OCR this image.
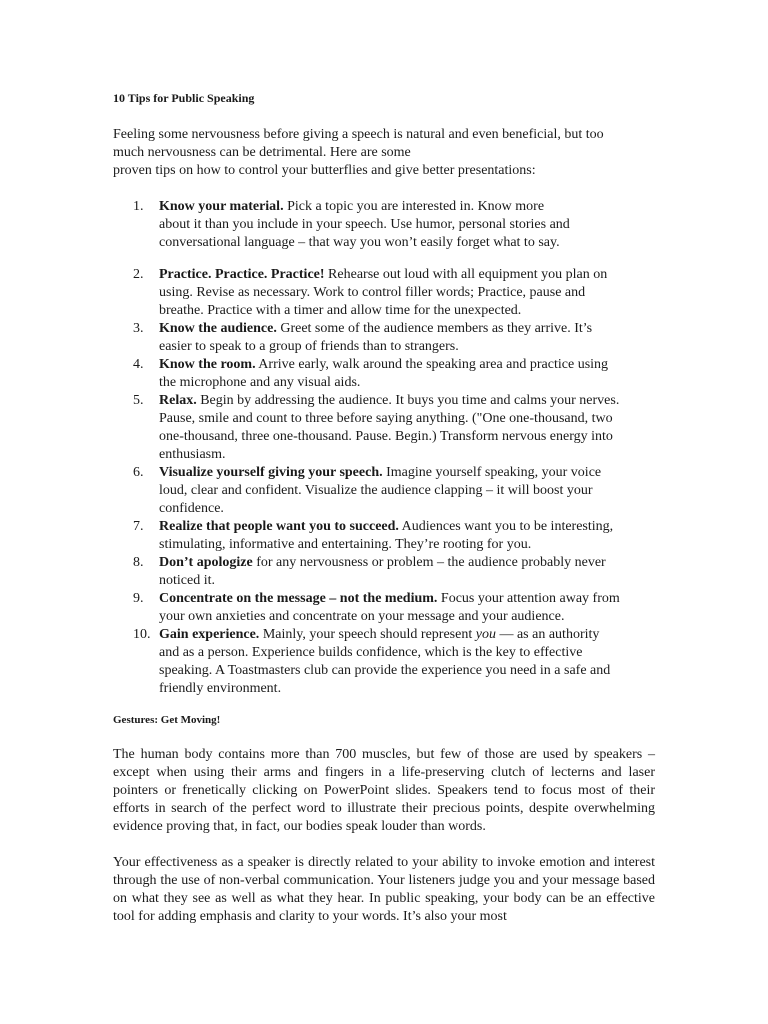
10 Tips for Public Speaking
Feeling some nervousness before giving a speech is natural and even beneficial, but too
much nervousness can be detrimental. Here are some
proven tips on how to control your butterflies and give better presentations:
1. Know your material. Pick a topic you are interested in. Know more
about it than you include in your speech. Use humor, personal stories and
conversational language – that way you won’t easily forget what to say.
2. Practice. Practice. Practice! Rehearse out loud with all equipment you plan on
using. Revise as necessary. Work to control filler words; Practice, pause and
breathe. Practice with a timer and allow time for the unexpected.
3. Know the audience. Greet some of the audience members as they arrive. It’s
easier to speak to a group of friends than to strangers.
4. Know the room. Arrive early, walk around the speaking area and practice using
the microphone and any visual aids.
5. Relax. Begin by addressing the audience. It buys you time and calms your nerves.
Pause, smile and count to three before saying anything. ("One one-thousand, two
one-thousand, three one-thousand. Pause. Begin.) Transform nervous energy into
enthusiasm.
6. Visualize yourself giving your speech. Imagine yourself speaking, your voice
loud, clear and confident. Visualize the audience clapping – it will boost your
confidence.
7. Realize that people want you to succeed. Audiences want you to be interesting,
stimulating, informative and entertaining. They’re rooting for you.
8. Don’t apologize for any nervousness or problem – the audience probably never
noticed it.
9. Concentrate on the message – not the medium. Focus your attention away from
your own anxieties and concentrate on your message and your audience.
10. Gain experience. Mainly, your speech should represent you — as an authority
and as a person. Experience builds confidence, which is the key to effective
speaking. A Toastmasters club can provide the experience you need in a safe and
friendly environment.
Gestures: Get Moving!
The human body contains more than 700 muscles, but few of those are used by speakers – except when using their arms and fingers in a life-preserving clutch of lecterns and laser pointers or frenetically clicking on PowerPoint slides. Speakers tend to focus most of their efforts in search of the perfect word to illustrate their precious points, despite overwhelming evidence proving that, in fact, our bodies speak louder than words.
Your effectiveness as a speaker is directly related to your ability to invoke emotion and interest through the use of non-verbal communication. Your listeners judge you and your message based on what they see as well as what they hear. In public speaking, your body can be an effective tool for adding emphasis and clarity to your words. It’s also your most
